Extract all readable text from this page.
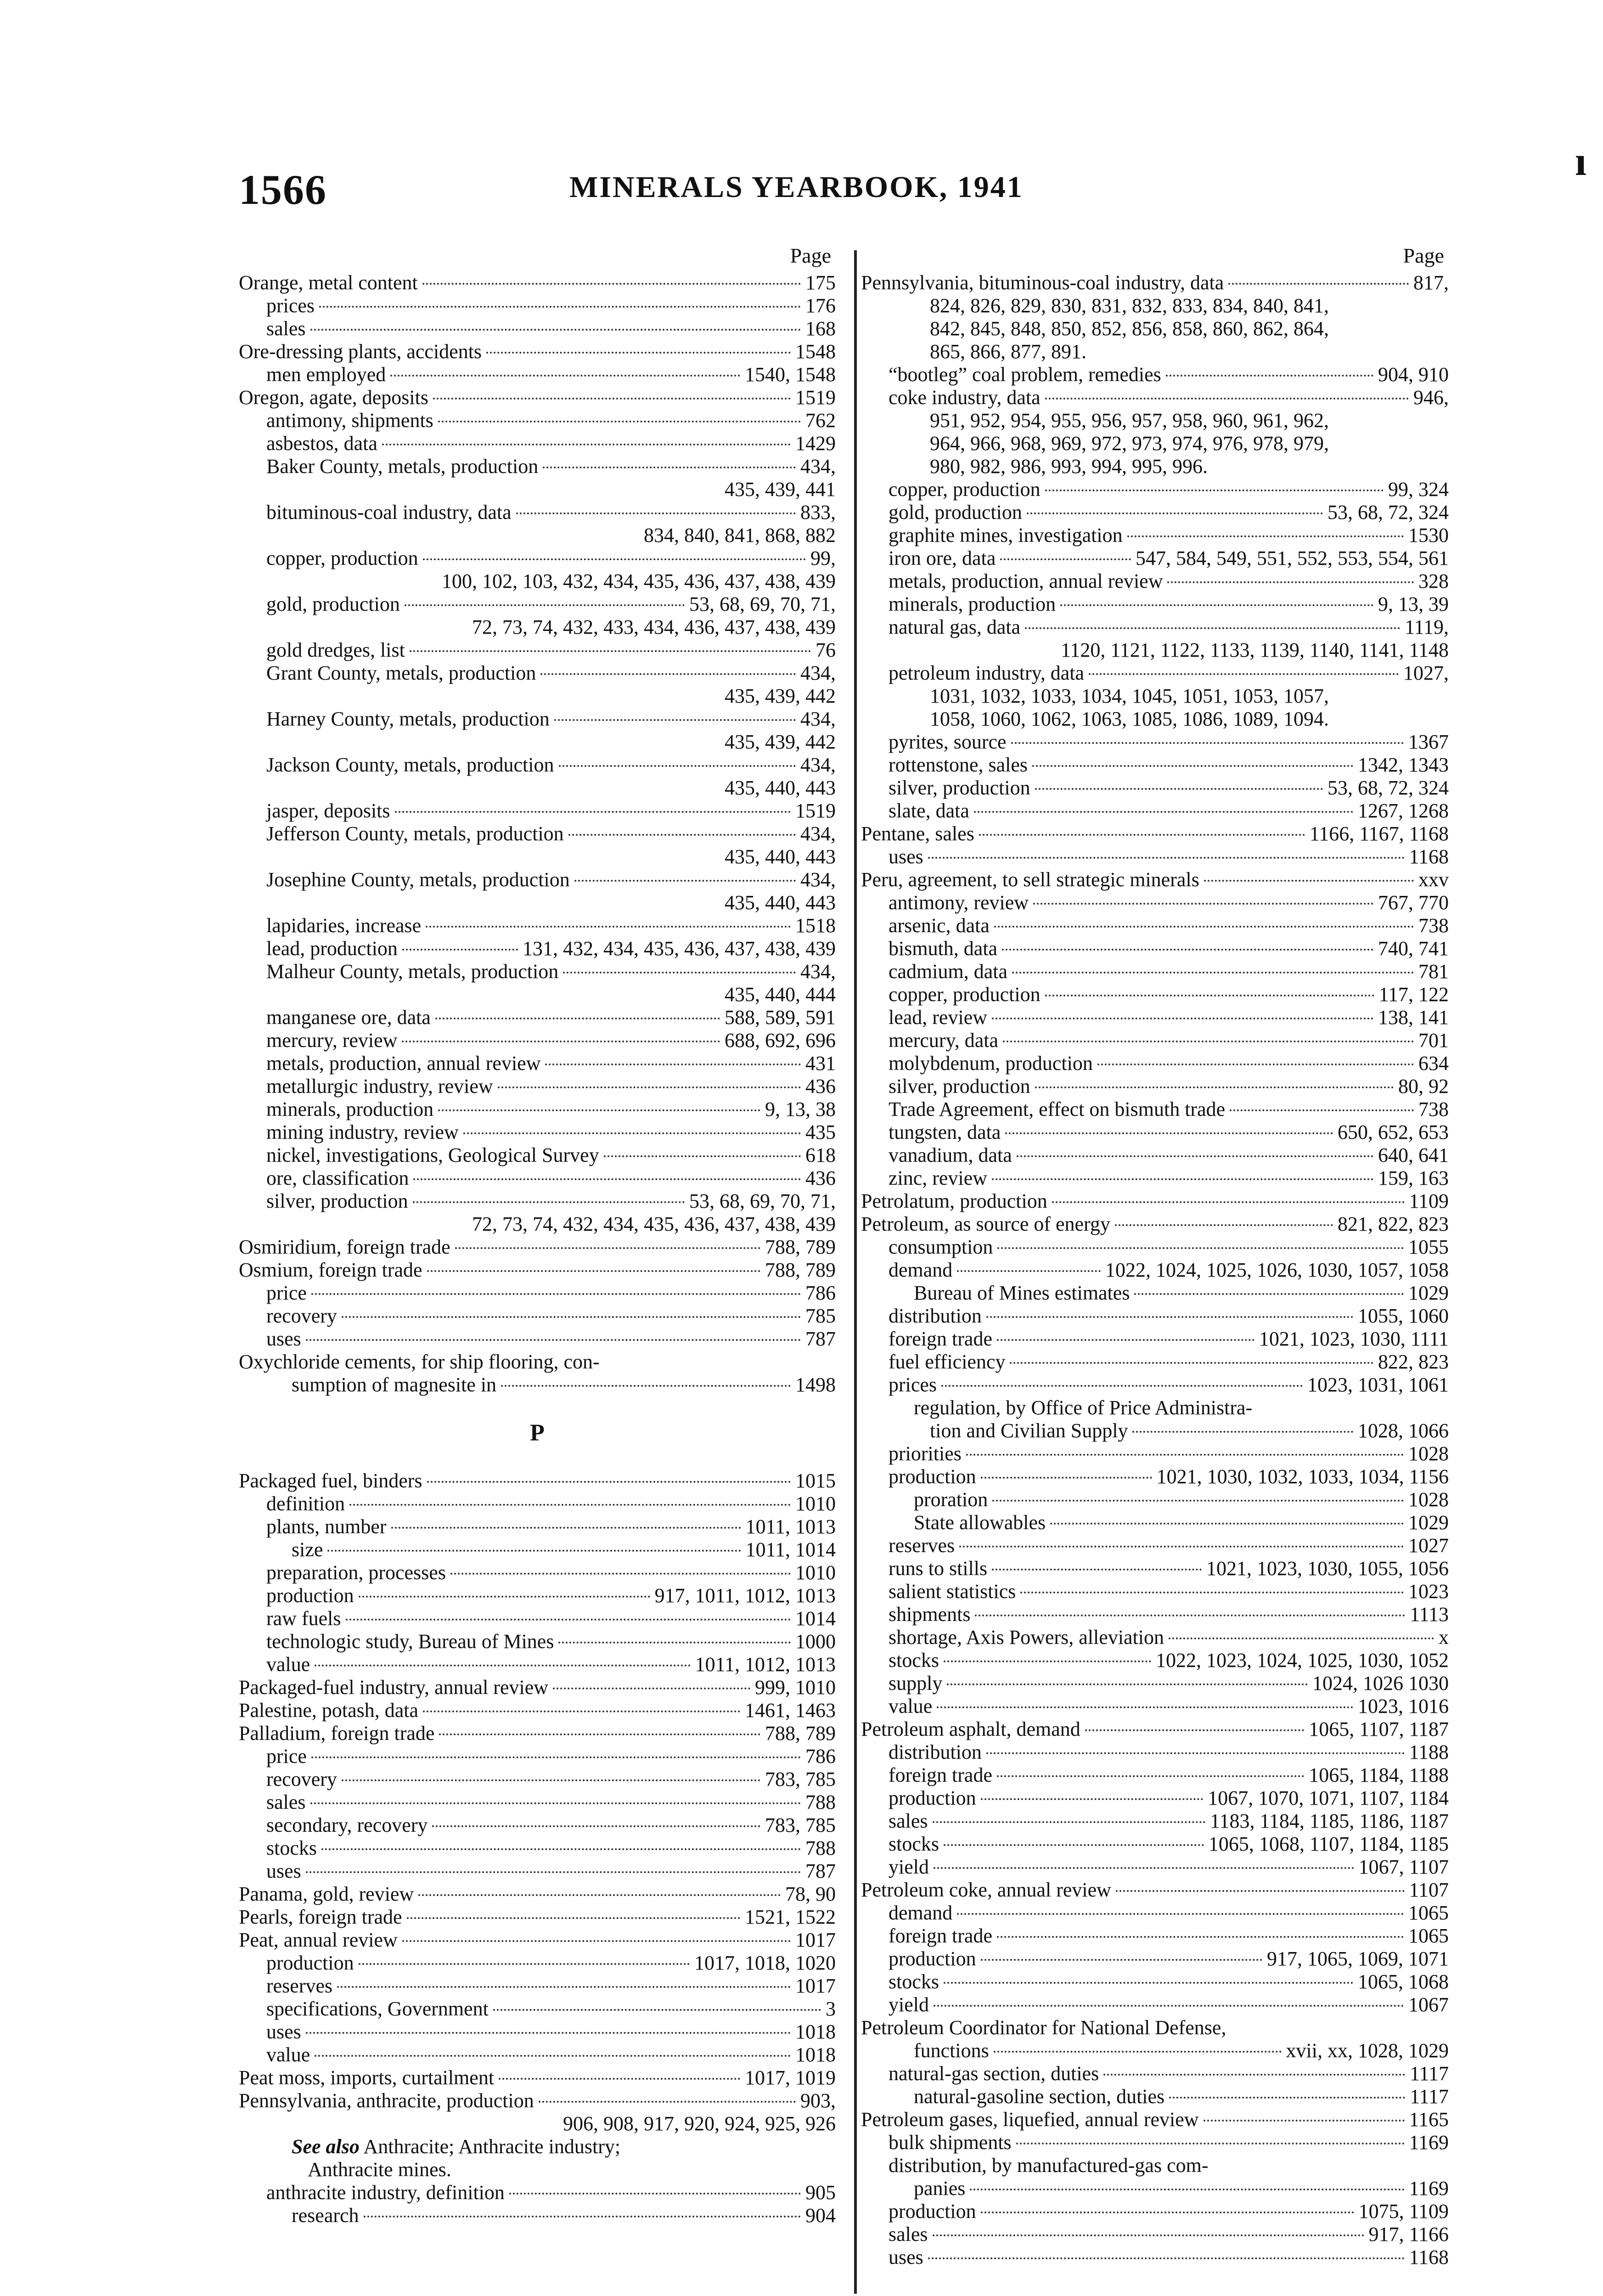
ı
1566	MINERALS YEARBOOK, 1941
Page
Orange, metal content	175
prices	176
sales	168
Ore-dressing plants, accidents	1548
men employed	1540, 1548
Oregon, agate, deposits	1519
antimony, shipments	762
asbestos, data	1429
Baker County, metals, production	434,
435, 439, 441
bituminous-coal industry, data	833,
834, 840, 841, 868, 882
copper, production	99,
100, 102, 103, 432, 434, 435, 436, 437, 438, 439
gold, production	53, 68, 69, 70, 71,
72, 73, 74, 432, 433, 434, 436, 437, 438, 439
gold dredges, list	76
Grant County, metals, production	434,
435, 439, 442
Harney County, metals, production	434,
435, 439, 442
Jackson County, metals, production	434,
435, 440, 443
jasper, deposits	1519
Jefferson County, metals, production	434,
435, 440, 443
Josephine County, metals, production	434,
435, 440, 443
lapidaries, increase	1518
lead, production	131, 432, 434, 435, 436, 437, 438, 439
Malheur County, metals, production	434,
435, 440, 444
manganese ore, data	588, 589, 591
mercury, review	688, 692, 696
metals, production, annual review	431
metallurgic industry, review	436
minerals, production	9, 13, 38
mining industry, review	435
nickel, investigations, Geological Survey	618
ore, classification	436
silver, production	53, 68, 69, 70, 71,
72, 73, 74, 432, 434, 435, 436, 437, 438, 439
Osmiridium, foreign trade	788, 789
Osmium, foreign trade	788, 789
price	786
recovery	785
uses	787
Oxychloride cements, for ship flooring, con-
sumption of magnesite in	1498
P
Packaged fuel, binders	1015
definition	1010
plants, number	1011, 1013
size	1011, 1014
preparation, processes	1010
production	917, 1011, 1012, 1013
raw fuels	1014
technologic study, Bureau of Mines	1000
value	1011, 1012, 1013
Packaged-fuel industry, annual review	999, 1010
Palestine, potash, data	1461, 1463
Palladium, foreign trade	788, 789
price	786
recovery	783, 785
sales	788
secondary, recovery	783, 785
stocks	788
uses	787
Panama, gold, review	78, 90
Pearls, foreign trade	1521, 1522
Peat, annual review	1017
production	1017, 1018, 1020
reserves	1017
specifications, Government	3
uses	1018
value	1018
Peat moss, imports, curtailment	1017, 1019
Pennsylvania, anthracite, production	903,
906, 908, 917, 920, 924, 925, 926
See also Anthracite; Anthracite industry;
Anthracite mines.
anthracite industry, definition	905
research	904
Page
Pennsylvania, bituminous-coal industry, data	817,
824, 826, 829, 830, 831, 832, 833, 834, 840, 841,
842, 845, 848, 850, 852, 856, 858, 860, 862, 864,
865, 866, 877, 891.
“bootleg” coal problem, remedies	904, 910
coke industry, data	946,
951, 952, 954, 955, 956, 957, 958, 960, 961, 962,
964, 966, 968, 969, 972, 973, 974, 976, 978, 979,
980, 982, 986, 993, 994, 995, 996.
copper, production	99, 324
gold, production	53, 68, 72, 324
graphite mines, investigation	1530
iron ore, data	547, 584, 549, 551, 552, 553, 554, 561
metals, production, annual review	328
minerals, production	9, 13, 39
natural gas, data	1119,
1120, 1121, 1122, 1133, 1139, 1140, 1141, 1148
petroleum industry, data	1027,
1031, 1032, 1033, 1034, 1045, 1051, 1053, 1057,
1058, 1060, 1062, 1063, 1085, 1086, 1089, 1094.
pyrites, source	1367
rottenstone, sales	1342, 1343
silver, production	53, 68, 72, 324
slate, data	1267, 1268
Pentane, sales	1166, 1167, 1168
uses	1168
Peru, agreement, to sell strategic minerals	xxv
antimony, review	767, 770
arsenic, data	738
bismuth, data	740, 741
cadmium, data	781
copper, production	117, 122
lead, review	138, 141
mercury, data	701
molybdenum, production	634
silver, production	80, 92
Trade Agreement, effect on bismuth trade	738
tungsten, data	650, 652, 653
vanadium, data	640, 641
zinc, review	159, 163
Petrolatum, production	1109
Petroleum, as source of energy	821, 822, 823
consumption	1055
demand	1022, 1024, 1025, 1026, 1030, 1057, 1058
Bureau of Mines estimates	1029
distribution	1055, 1060
foreign trade	1021, 1023, 1030, 1111
fuel efficiency	822, 823
prices	1023, 1031, 1061
regulation, by Office of Price Administra-
tion and Civilian Supply	1028, 1066
priorities	1028
production	1021, 1030, 1032, 1033, 1034, 1156
proration	1028
State allowables	1029
reserves	1027
runs to stills	1021, 1023, 1030, 1055, 1056
salient statistics	1023
shipments	1113
shortage, Axis Powers, alleviation	x
stocks	1022, 1023, 1024, 1025, 1030, 1052
supply	1024, 1026 1030
value	1023, 1016
Petroleum asphalt, demand	1065, 1107, 1187
distribution	1188
foreign trade	1065, 1184, 1188
production	1067, 1070, 1071, 1107, 1184
sales	1183, 1184, 1185, 1186, 1187
stocks	1065, 1068, 1107, 1184, 1185
yield	1067, 1107
Petroleum coke, annual review	1107
demand	1065
foreign trade	1065
production	917, 1065, 1069, 1071
stocks	1065, 1068
yield	1067
Petroleum Coordinator for National Defense,
functions	xvii, xx, 1028, 1029
natural-gas section, duties	1117
natural-gasoline section, duties	1117
Petroleum gases, liquefied, annual review	1165
bulk shipments	1169
distribution, by manufactured-gas com-
panies	1169
production	1075, 1109
sales	917, 1166
uses	1168
